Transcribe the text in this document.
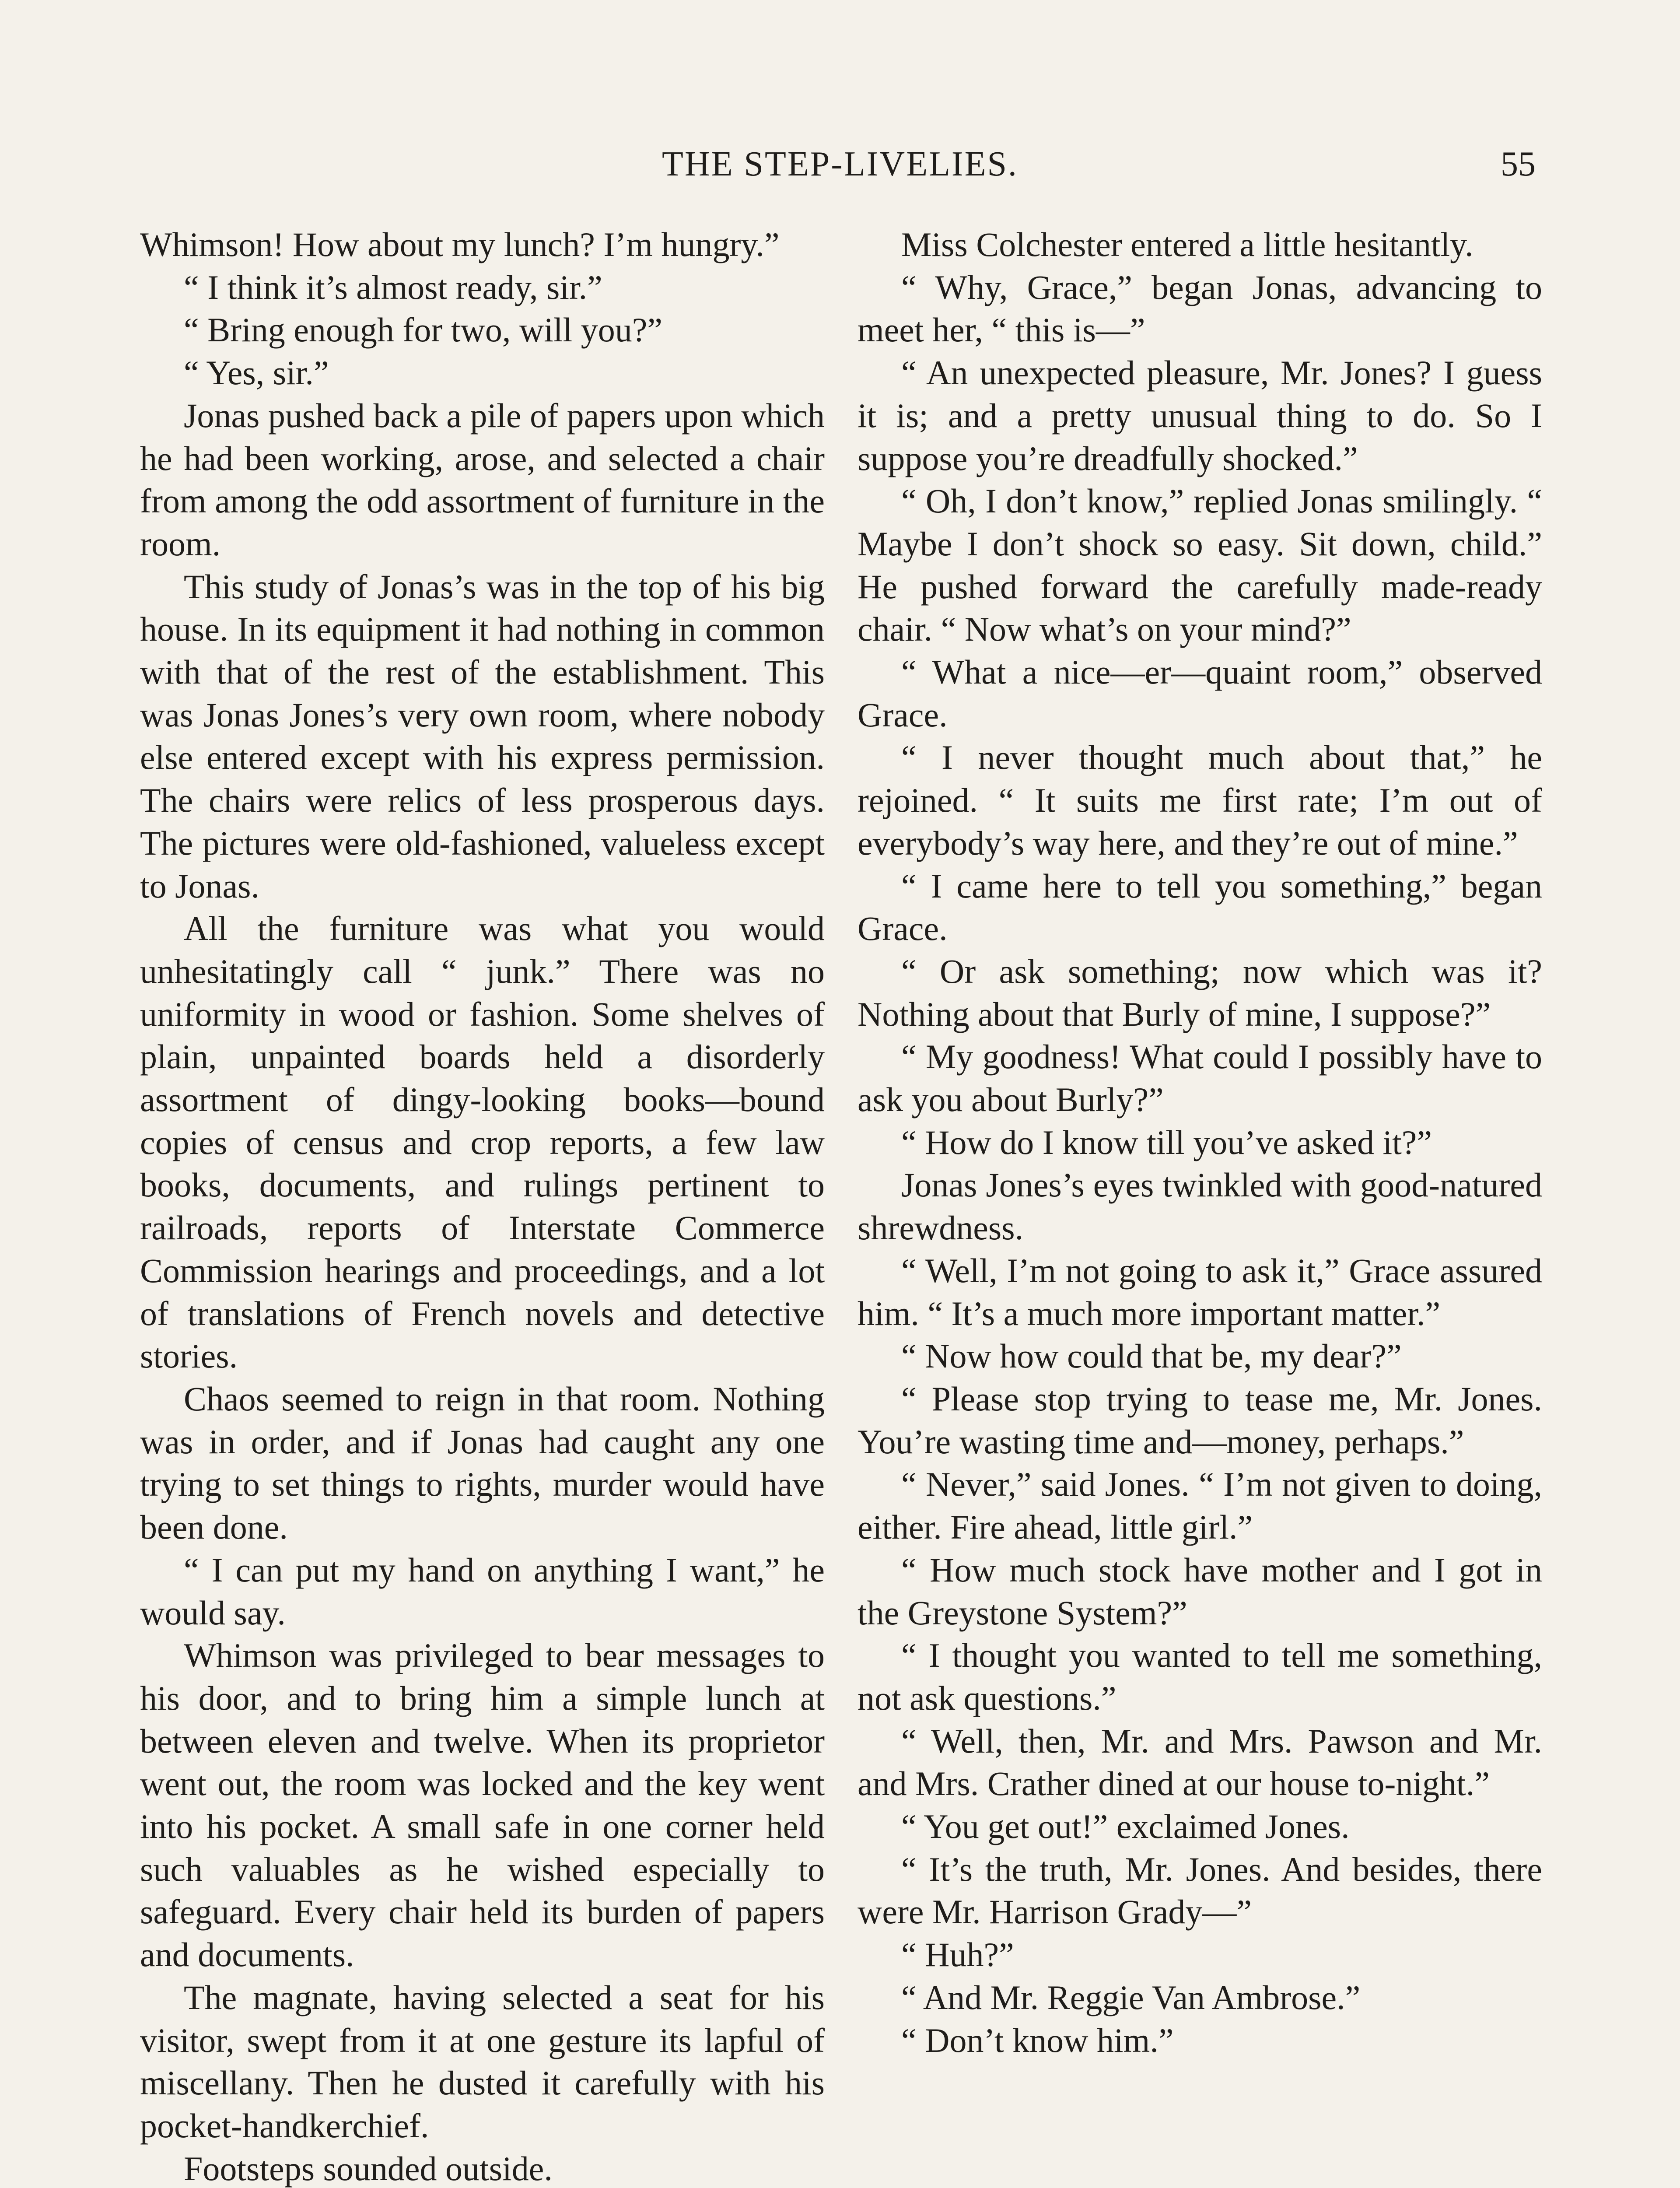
THE STEP-LIVELIES.	55

Whimson! How about my lunch? I’m hungry.”

“ I think it’s almost ready, sir.”

“ Bring enough for two, will you?”

“ Yes, sir.”

Jonas pushed back a pile of papers upon which he had been working, arose, and selected a chair from among the odd assortment of furniture in the room.

This study of Jonas’s was in the top of his big house. In its equipment it had nothing in common with that of the rest of the establishment. This was Jonas Jones’s very own room, where nobody else entered except with his express permission. The chairs were relics of less prosperous days. The pictures were old-fashioned, valueless except to Jonas.

All the furniture was what you would unhesitatingly call “ junk.” There was no uniformity in wood or fashion. Some shelves of plain, unpainted boards held a disorderly assortment of dingy-looking books—bound copies of census and crop reports, a few law books, documents, and rulings pertinent to railroads, reports of Interstate Commerce Commission hearings and proceedings, and a lot of translations of French novels and detective stories.

Chaos seemed to reign in that room. Nothing was in order, and if Jonas had caught any one trying to set things to rights, murder would have been done.

“ I can put my hand on anything I want,” he would say.

Whimson was privileged to bear messages to his door, and to bring him a simple lunch at between eleven and twelve. When its proprietor went out, the room was locked and the key went into his pocket. A small safe in one corner held such valuables as he wished especially to safeguard. Every chair held its burden of papers and documents.

The magnate, having selected a seat for his visitor, swept from it at one gesture its lapful of miscellany. Then he dusted it carefully with his pocket-handkerchief.

Footsteps sounded outside.

Miss Colchester entered a little hesitantly.

“ Why, Grace,” began Jonas, advancing to meet her, “ this is—”

“ An unexpected pleasure, Mr. Jones? I guess it is; and a pretty unusual thing to do. So I suppose you’re dreadfully shocked.”

“ Oh, I don’t know,” replied Jonas smilingly. “ Maybe I don’t shock so easy. Sit down, child.” He pushed forward the carefully made-ready chair. “ Now what’s on your mind?”

“ What a nice—er—quaint room,” observed Grace.

“ I never thought much about that,” he rejoined. “ It suits me first rate; I’m out of everybody’s way here, and they’re out of mine.”

“ I came here to tell you something,” began Grace.

“ Or ask something; now which was it? Nothing about that Burly of mine, I suppose?”

“ My goodness! What could I possibly have to ask you about Burly?”

“ How do I know till you’ve asked it?”

Jonas Jones’s eyes twinkled with good-natured shrewdness.

“ Well, I’m not going to ask it,” Grace assured him. “ It’s a much more important matter.”

“ Now how could that be, my dear?”

“ Please stop trying to tease me, Mr. Jones. You’re wasting time and—money, perhaps.”

“ Never,” said Jones. “ I’m not given to doing, either. Fire ahead, little girl.”

“ How much stock have mother and I got in the Greystone System?”

“ I thought you wanted to tell me something, not ask questions.”

“ Well, then, Mr. and Mrs. Pawson and Mr. and Mrs. Crather dined at our house to-night.”

“ You get out!” exclaimed Jones.

“ It’s the truth, Mr. Jones. And besides, there were Mr. Harrison Grady—”

“ Huh?”

“ And Mr. Reggie Van Ambrose.”

“ Don’t know him.”
